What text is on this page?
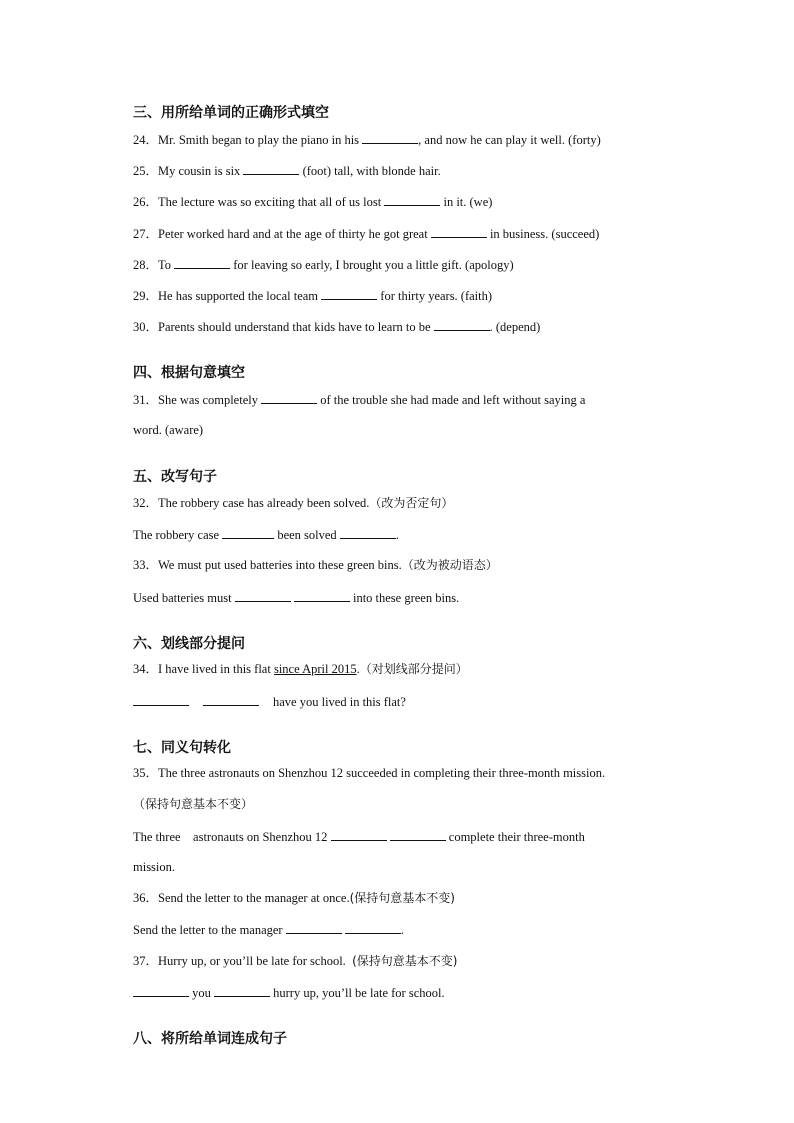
三、用所给单词的正确形式填空
24．Mr. Smith began to play the piano in his	, and now he can play it well. (forty)
25．My cousin is six	(foot) tall, with blonde hair.
26．The lecture was so exciting that all of us lost	in it. (we)
27．Peter worked hard and at the age of thirty he got great	in business. (succeed)
28．To	for leaving so early, I brought you a little gift. (apology)
29．He has supported the local team	for thirty years. (faith)
30．Parents should understand that kids have to learn to be	. (depend)
四、根据句意填空
31．She was completely	of the trouble she had made and left without saying a
word. (aware)
五、改写句子
32．The robbery case has already been solved.（改为否定句）
The robbery case	been solved	.
33．We must put used batteries into these green bins.（改为被动语态）
Used batteries must	into these green bins.
六、划线部分提问
34．I have lived in this flat since April 2015.（对划线部分提问）
have you lived in this flat?
七、同义句转化
35．The three astronauts on Shenzhou 12 succeeded in completing their three-month mission.
（保持句意基本不变）
The three    astronauts on Shenzhou 12	complete their three-month
mission.
36．Send the letter to the manager at once.(保持句意基本不变)
Send the letter to the manager	.
37．Hurry up, or you’ll be late for school.  (保持句意基本不变)
you	hurry up, you’ll be late for school.
八、将所给单词连成句子
